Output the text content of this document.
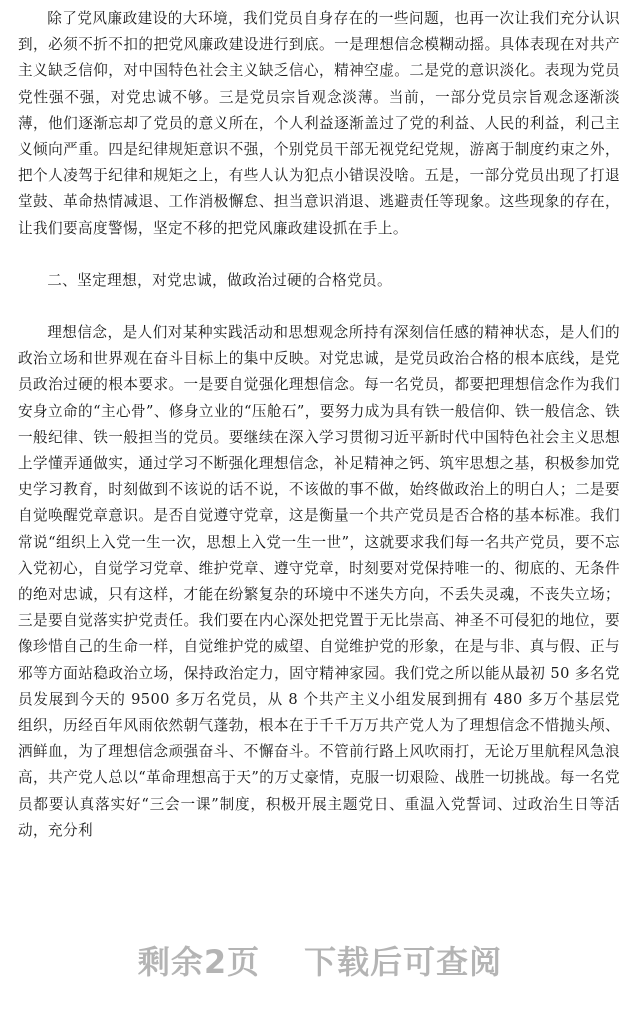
除了党风廉政建设的大环境，我们党员自身存在的一些问题，也再一次让我们充分认识到，必须不折不扣的把党风廉政建设进行到底。一是理想信念模糊动摇。具体表现在对共产主义缺乏信仰，对中国特色社会主义缺乏信心，精神空虚。二是党的意识淡化。表现为党员党性强不强，对党忠诚不够。三是党员宗旨观念淡薄。当前，一部分党员宗旨观念逐渐淡薄，他们逐渐忘却了党员的意义所在，个人利益逐渐盖过了党的利益、人民的利益，利己主义倾向严重。四是纪律规矩意识不强，个别党员干部无视党纪党规，游离于制度约束之外，把个人凌驾于纪律和规矩之上，有些人认为犯点小错误没啥。五是，一部分党员出现了打退堂鼓、革命热情减退、工作消极懈怠、担当意识消退、逃避责任等现象。这些现象的存在，让我们要高度警惕，坚定不移的把党风廉政建设抓在手上。

二、坚定理想，对党忠诚，做政治过硬的合格党员。

理想信念，是人们对某种实践活动和思想观念所持有深刻信任感的精神状态，是人们的政治立场和世界观在奋斗目标上的集中反映。对党忠诚，是党员政治合格的根本底线，是党员政治过硬的根本要求。一是要自觉强化理想信念。每一名党员，都要把理想信念作为我们安身立命的“主心骨”、修身立业的“压舱石”，要努力成为具有铁一般信仰、铁一般信念、铁一般纪律、铁一般担当的党员。要继续在深入学习贯彻习近平新时代中国特色社会主义思想上学懂弄通做实，通过学习不断强化理想信念，补足精神之钙、筑牢思想之基，积极参加党史学习教育，时刻做到不该说的话不说，不该做的事不做，始终做政治上的明白人；二是要自觉唤醒党章意识。是否自觉遵守党章，这是衡量一个共产党员是否合格的基本标准。我们常说“组织上入党一生一次，思想上入党一生一世”，这就要求我们每一名共产党员，要不忘入党初心，自觉学习党章、维护党章、遵守党章，时刻要对党保持唯一的、彻底的、无条件的绝对忠诚，只有这样，才能在纷繁复杂的环境中不迷失方向，不丢失灵魂，不丧失立场；三是要自觉落实护党责任。我们要在内心深处把党置于无比崇高、神圣不可侵犯的地位，要像珍惜自己的生命一样，自觉维护党的威望、自觉维护党的形象，在是与非、真与假、正与邪等方面站稳政治立场，保持政治定力，固守精神家园。我们党之所以能从最初 50 多名党员发展到今天的 9500 多万名党员，从 8 个共产主义小组发展到拥有 480 多万个基层党组织，历经百年风雨依然朝气蓬勃，根本在于千千万万共产党人为了理想信念不惜抛头颅、洒鲜血，为了理想信念顽强奋斗、不懈奋斗。不管前行路上风吹雨打，无论万里航程风急浪高，共产党人总以“革命理想高于天”的万丈豪情，克服一切艰险、战胜一切挑战。每一名党员都要认真落实好“三会一课”制度，积极开展主题党日、重温入党誓词、过政治生日等活动，充分利

剩余2页 下载后可查阅
